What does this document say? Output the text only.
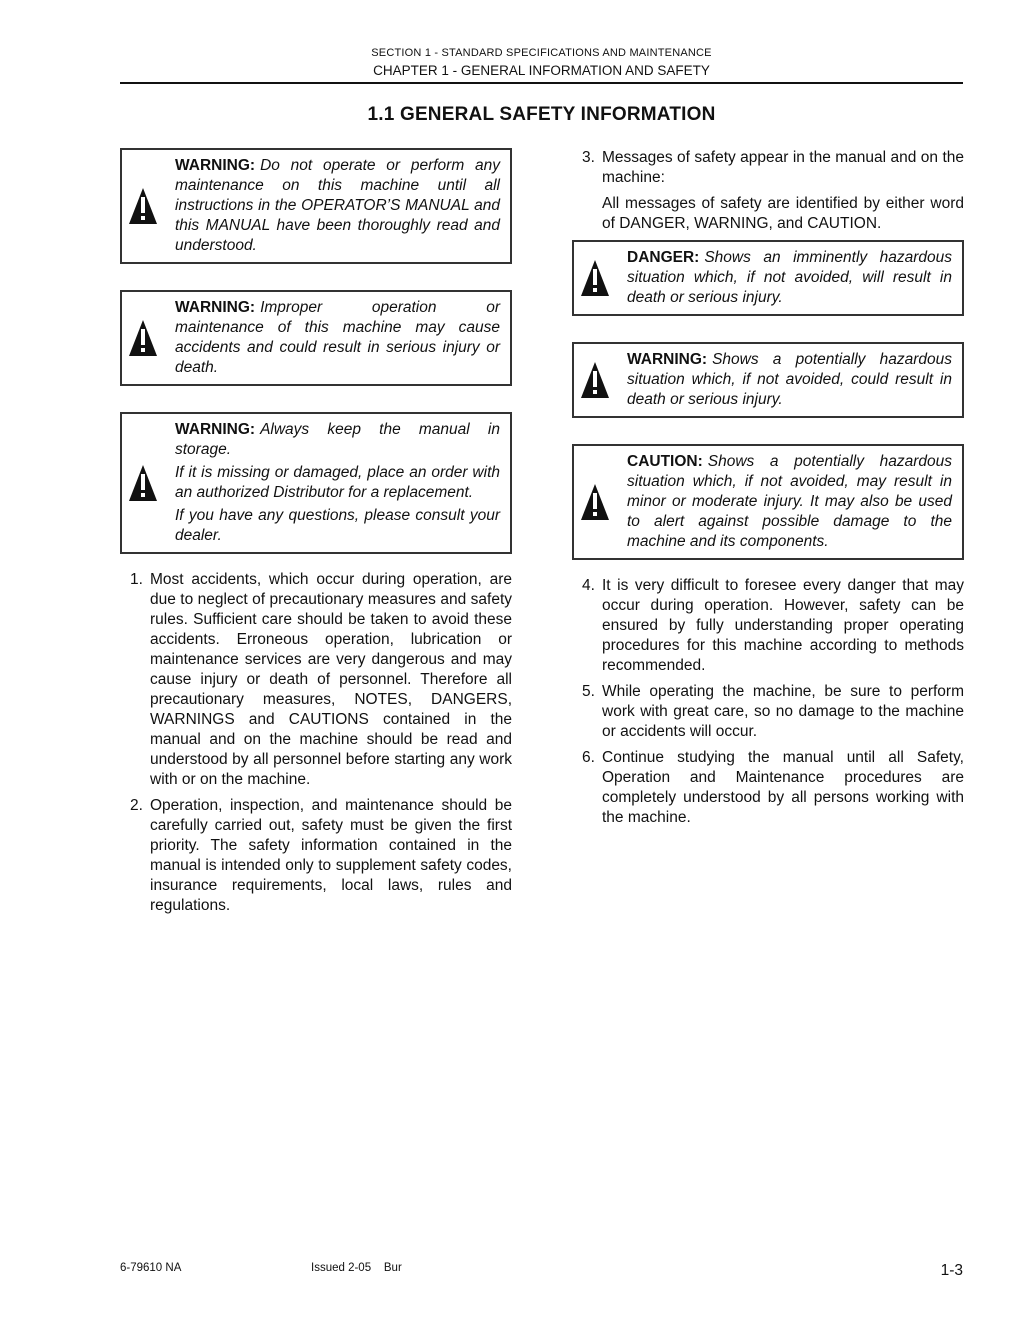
SECTION 1 - STANDARD SPECIFICATIONS AND MAINTENANCE
CHAPTER 1 - GENERAL INFORMATION AND SAFETY
1.1 GENERAL SAFETY INFORMATION

WARNING: Do not operate or perform any maintenance on this machine until all instructions in the OPERATOR’S MANUAL and this MANUAL have been thoroughly read and understood.

WARNING: Improper operation or maintenance of this machine may cause accidents and could result in serious injury or death.

WARNING: Always keep the manual in storage.

If it is missing or damaged, place an order with an authorized Distributor for a replacement.

If you have any questions, please consult your dealer.

1. Most accidents, which occur during operation, are due to neglect of precautionary measures and safety rules. Sufficient care should be taken to avoid these accidents. Erroneous operation, lubrication or maintenance services are very dangerous and may cause injury or death of personnel. Therefore all precautionary measures, NOTES, DANGERS, WARNINGS and CAUTIONS contained in the manual and on the machine should be read and understood by all personnel before starting any work with or on the machine.

2. Operation, inspection, and maintenance should be carefully carried out, safety must be given the first priority. The safety information contained in the manual is intended only to supplement safety codes, insurance requirements, local laws, rules and regulations.

3. Messages of safety appear in the manual and on the machine:

All messages of safety are identified by either word of DANGER, WARNING, and CAUTION.

DANGER: Shows an imminently hazardous situation which, if not avoided, will result in death or serious injury.

WARNING: Shows a potentially hazardous situation which, if not avoided, could result in death or serious injury.

CAUTION: Shows a potentially hazardous situation which, if not avoided, may result in minor or moderate injury. It may also be used to alert against possible damage to the machine and its components.

4. It is very difficult to foresee every danger that may occur during operation. However, safety can be ensured by fully understanding proper operating procedures for this machine according to methods recommended.

5. While operating the machine, be sure to perform work with great care, so no damage to the machine or accidents will occur.

6. Continue studying the manual until all Safety, Operation and Maintenance procedures are completely understood by all persons working with the machine.

6-79610 NA	Issued 2-05    Bur	1-3
